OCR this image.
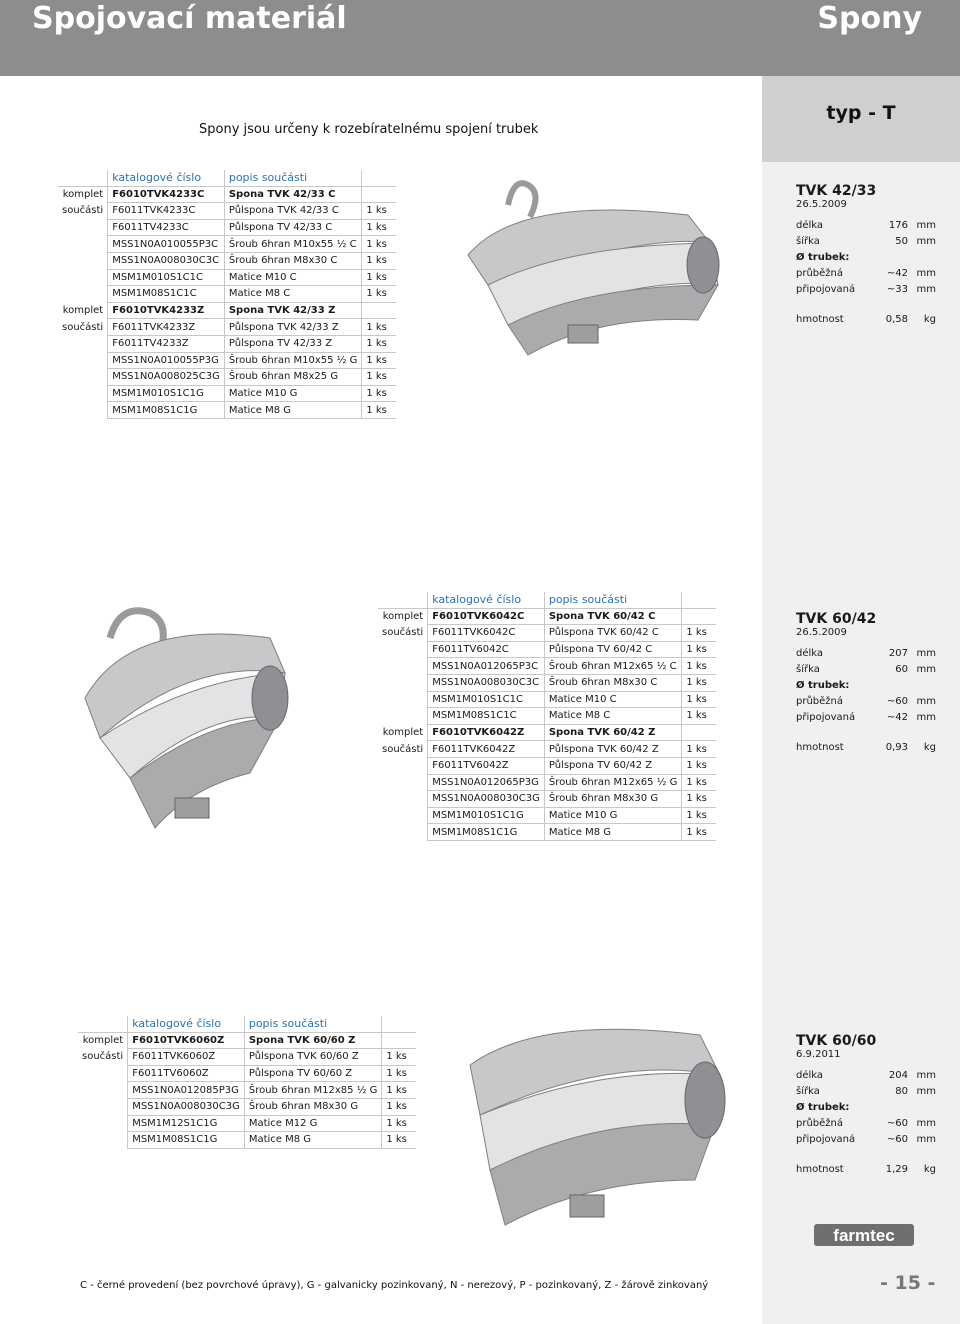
Spojovací materiál	Spony
typ - T
Spony jsou určeny k rozebíratelnému spojení trubek
	katalogové číslo	popis součásti	
komplet	F6010TVK4233C	Spona TVK 42/33 C	
součásti	F6011TVK4233C	Půlspona TVK 42/33 C	1 ks
	F6011TV4233C	Půlspona TV 42/33 C	1 ks
	MSS1N0A010055P3C	Šroub 6hran M10x55 ½ C	1 ks
	MSS1N0A008030C3C	Šroub 6hran M8x30 C	1 ks
	MSM1M010S1C1C	Matice M10 C	1 ks
	MSM1M08S1C1C	Matice M8 C	1 ks
komplet	F6010TVK4233Z	Spona TVK 42/33 Z	
součásti	F6011TVK4233Z	Půlspona TVK 42/33 Z	1 ks
	F6011TV4233Z	Půlspona TV 42/33 Z	1 ks
	MSS1N0A010055P3G	Šroub 6hran M10x55 ½ G	1 ks
	MSS1N0A008025C3G	Šroub 6hran M8x25 G	1 ks
	MSM1M010S1C1G	Matice M10 G	1 ks
	MSM1M08S1C1G	Matice M8 G	1 ks
	katalogové číslo	popis součásti	
komplet	F6010TVK6042C	Spona TVK 60/42 C	
součásti	F6011TVK6042C	Půlspona TVK 60/42 C	1 ks
	F6011TV6042C	Půlspona TV 60/42 C	1 ks
	MSS1N0A012065P3C	Šroub 6hran M12x65 ½ C	1 ks
	MSS1N0A008030C3C	Šroub 6hran M8x30 C	1 ks
	MSM1M010S1C1C	Matice M10 C	1 ks
	MSM1M08S1C1C	Matice M8 C	1 ks
komplet	F6010TVK6042Z	Spona TVK 60/42 Z	
součásti	F6011TVK6042Z	Půlspona TVK 60/42 Z	1 ks
	F6011TV6042Z	Půlspona TV 60/42 Z	1 ks
	MSS1N0A012065P3G	Šroub 6hran M12x65 ½ G	1 ks
	MSS1N0A008030C3G	Šroub 6hran M8x30 G	1 ks
	MSM1M010S1C1G	Matice M10 G	1 ks
	MSM1M08S1C1G	Matice M8 G	1 ks
	katalogové číslo	popis součásti	
komplet	F6010TVK6060Z	Spona TVK 60/60 Z	
součásti	F6011TVK6060Z	Půlspona TVK 60/60 Z	1 ks
	F6011TV6060Z	Půlspona TV 60/60 Z	1 ks
	MSS1N0A012085P3G	Šroub 6hran M12x85 ½ G	1 ks
	MSS1N0A008030C3G	Šroub 6hran M8x30 G	1 ks
	MSM1M12S1C1G	Matice M12 G	1 ks
	MSM1M08S1C1G	Matice M8 G	1 ks
TVK 42/33
26.5.2009
délka	176 mm
šířka	50 mm
Ø trubek:
průběžná	~42 mm
připojovaná	~33 mm
hmotnost	0,58 kg
TVK 60/42
26.5.2009
délka	207 mm
šířka	60 mm
Ø trubek:
průběžná	~60 mm
připojovaná	~42 mm
hmotnost	0,93 kg
TVK 60/60
6.9.2011
délka	204 mm
šířka	80 mm
Ø trubek:
průběžná	~60 mm
připojovaná	~60 mm
hmotnost	1,29 kg
farmtec
C - černé provedení (bez povrchové úpravy), G - galvanicky pozinkovaný, N - nerezový, P - pozinkovaný, Z - žárově zinkovaný	- 15 -
